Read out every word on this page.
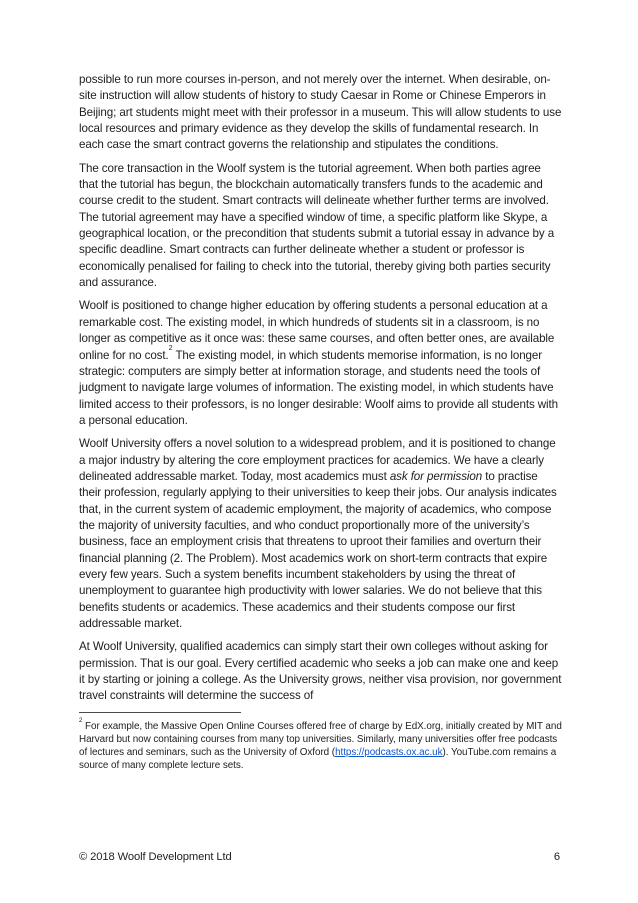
possible to run more courses in-person, and not merely over the internet. When desirable, on-site instruction will allow students of history to study Caesar in Rome or Chinese Emperors in Beijing; art students might meet with their professor in a museum. This will allow students to use local resources and primary evidence as they develop the skills of fundamental research. In each case the smart contract governs the relationship and stipulates the conditions.

The core transaction in the Woolf system is the tutorial agreement. When both parties agree that the tutorial has begun, the blockchain automatically transfers funds to the academic and course credit to the student. Smart contracts will delineate whether further terms are involved. The tutorial agreement may have a specified window of time, a specific platform like Skype, a geographical location, or the precondition that students submit a tutorial essay in advance by a specific deadline. Smart contracts can further delineate whether a student or professor is economically penalised for failing to check into the tutorial, thereby giving both parties security and assurance.

Woolf is positioned to change higher education by offering students a personal education at a remarkable cost. The existing model, in which hundreds of students sit in a classroom, is no longer as competitive as it once was: these same courses, and often better ones, are available online for no cost.$^2$ The existing model, in which students memorise information, is no longer strategic: computers are simply better at information storage, and students need the tools of judgment to navigate large volumes of information. The existing model, in which students have limited access to their professors, is no longer desirable: Woolf aims to provide all students with a personal education.

Woolf University offers a novel solution to a widespread problem, and it is positioned to change a major industry by altering the core employment practices for academics. We have a clearly delineated addressable market. Today, most academics must ask for permission to practise their profession, regularly applying to their universities to keep their jobs. Our analysis indicates that, in the current system of academic employment, the majority of academics, who compose the majority of university faculties, and who conduct proportionally more of the university’s business, face an employment crisis that threatens to uproot their families and overturn their financial planning (2. The Problem). Most academics work on short-term contracts that expire every few years. Such a system benefits incumbent stakeholders by using the threat of unemployment to guarantee high productivity with lower salaries. We do not believe that this benefits students or academics. These academics and their students compose our first addressable market.

At Woolf University, qualified academics can simply start their own colleges without asking for permission. That is our goal. Every certified academic who seeks a job can make one and keep it by starting or joining a college. As the University grows, neither visa provision, nor government travel constraints will determine the success of

$^2$ For example, the Massive Open Online Courses offered free of charge by EdX.org, initially created by MIT and Harvard but now containing courses from many top universities. Similarly, many universities offer free podcasts of lectures and seminars, such as the University of Oxford (https://podcasts.ox.ac.uk). YouTube.com remains a source of many complete lecture sets.

© 2018 Woolf Development Ltd	6
